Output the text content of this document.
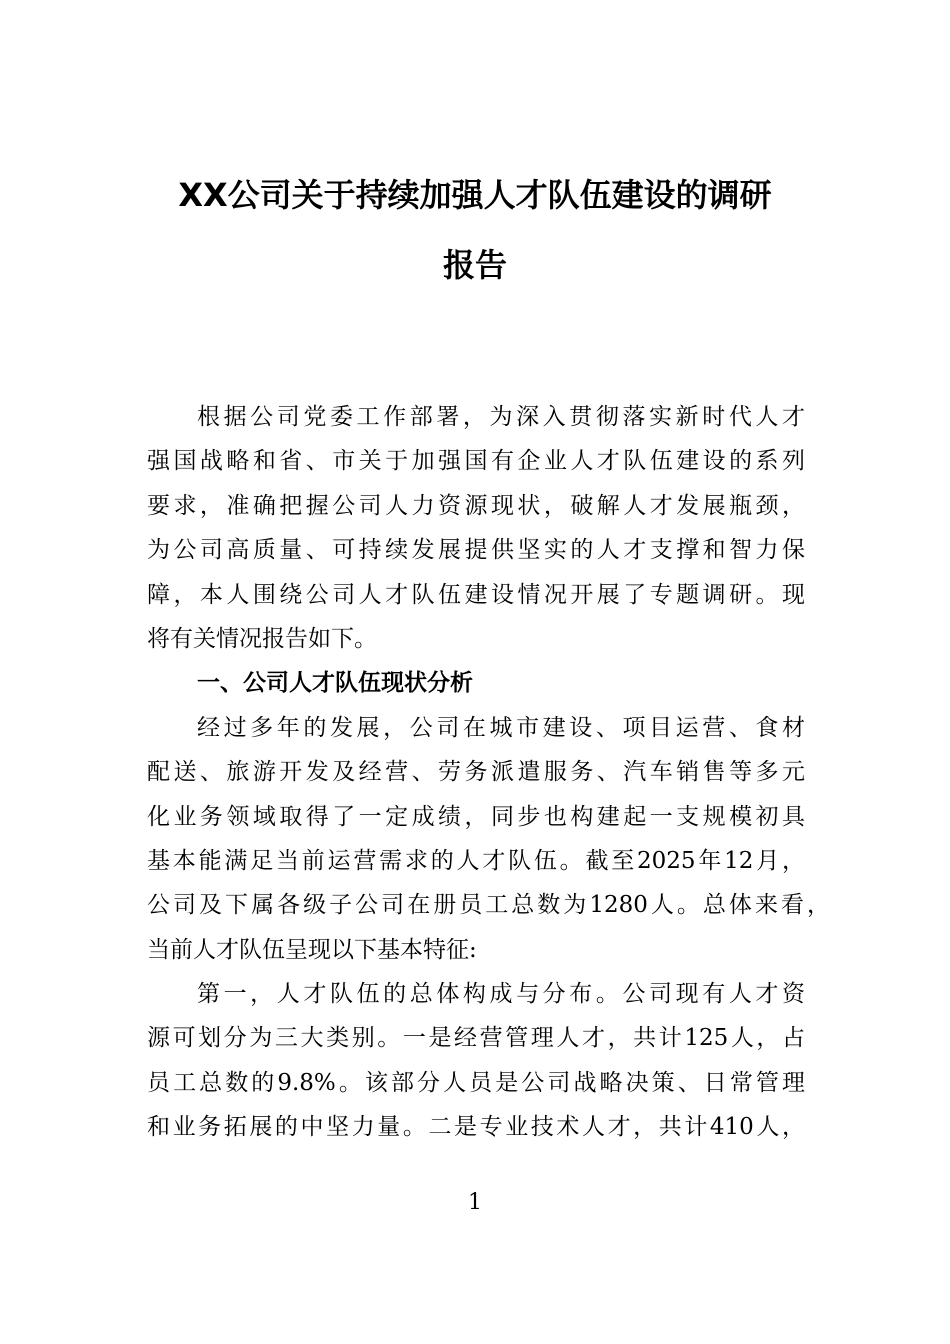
XX公司关于持续加强人才队伍建设的调研
报告
根据公司党委工作部署，为深入贯彻落实新时代人才
强国战略和省、市关于加强国有企业人才队伍建设的系列
要求，准确把握公司人力资源现状，破解人才发展瓶颈，
为公司高质量、可持续发展提供坚实的人才支撑和智力保
障，本人围绕公司人才队伍建设情况开展了专题调研。现
将有关情况报告如下。
一、公司人才队伍现状分析
经过多年的发展，公司在城市建设、项目运营、食材
配送、旅游开发及经营、劳务派遣服务、汽车销售等多元
化业务领域取得了一定成绩，同步也构建起一支规模初具
基本能满足当前运营需求的人才队伍。截至2025年12月，
公司及下属各级子公司在册员工总数为1280人。总体来看，
当前人才队伍呈现以下基本特征:
第一，人才队伍的总体构成与分布。公司现有人才资
源可划分为三大类别。一是经营管理人才，共计125人，占
员工总数的9.8%。该部分人员是公司战略决策、日常管理
和业务拓展的中坚力量。二是专业技术人才，共计410人，
1
